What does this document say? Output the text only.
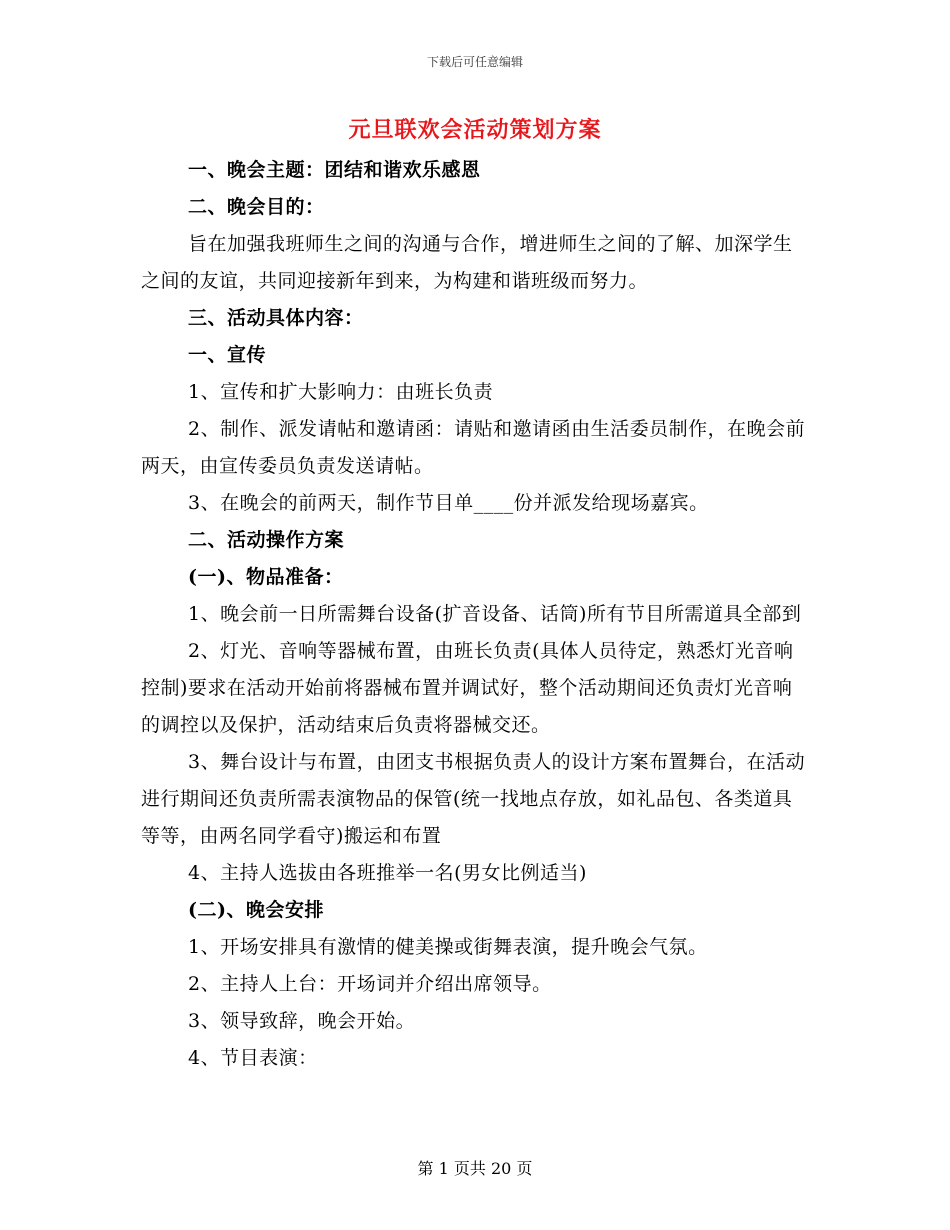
下载后可任意编辑
元旦联欢会活动策划方案

一、晚会主题：团结和谐欢乐感恩

二、晚会目的：

旨在加强我班师生之间的沟通与合作，增进师生之间的了解、加深学生之间的友谊，共同迎接新年到来，为构建和谐班级而努力。

三、活动具体内容：

一、宣传

1、宣传和扩大影响力：由班长负责

2、制作、派发请帖和邀请函：请贴和邀请函由生活委员制作，在晚会前两天，由宣传委员负责发送请帖。

3、在晚会的前两天，制作节目单____份并派发给现场嘉宾。

二、活动操作方案

(一)、物品准备：

1、晚会前一日所需舞台设备(扩音设备、话筒)所有节目所需道具全部到

2、灯光、音响等器械布置，由班长负责(具体人员待定，熟悉灯光音响控制)要求在活动开始前将器械布置并调试好，整个活动期间还负责灯光音响的调控以及保护，活动结束后负责将器械交还。

3、舞台设计与布置，由团支书根据负责人的设计方案布置舞台，在活动进行期间还负责所需表演物品的保管(统一找地点存放，如礼品包、各类道具等等，由两名同学看守)搬运和布置

4、主持人选拔由各班推举一名(男女比例适当)

(二)、晚会安排

1、开场安排具有激情的健美操或街舞表演，提升晚会气氛。

2、主持人上台：开场词并介绍出席领导。

3、领导致辞，晚会开始。

4、节目表演：

第 1 页共 20 页
